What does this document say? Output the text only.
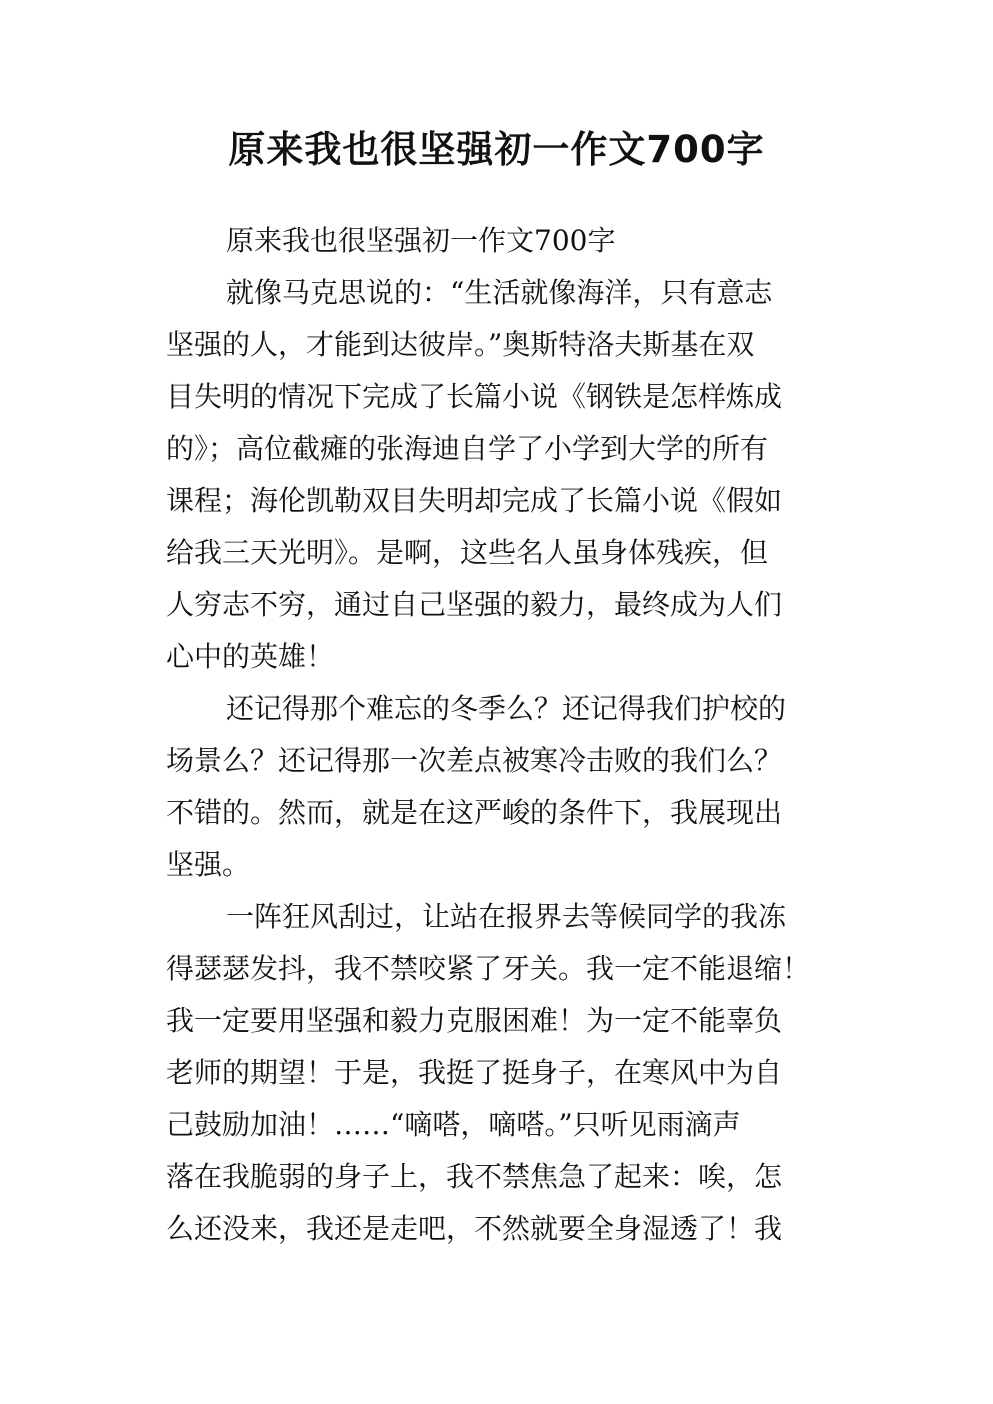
原来我也很坚强初一作文700字
原来我也很坚强初一作文700字
就像马克思说的：“生活就像海洋，只有意志
坚强的人，才能到达彼岸。”奥斯特洛夫斯基在双
目失明的情况下完成了长篇小说《钢铁是怎样炼成
的》；高位截瘫的张海迪自学了小学到大学的所有
课程；海伦凯勒双目失明却完成了长篇小说《假如
给我三天光明》。是啊，这些名人虽身体残疾，但
人穷志不穷，通过自己坚强的毅力，最终成为人们
心中的英雄！
还记得那个难忘的冬季么？还记得我们护校的
场景么？还记得那一次差点被寒冷击败的我们么？
不错的。然而，就是在这严峻的条件下，我展现出
坚强。
一阵狂风刮过，让站在报界去等候同学的我冻
得瑟瑟发抖，我不禁咬紧了牙关。我一定不能退缩！
我一定要用坚强和毅力克服困难！为一定不能辜负
老师的期望！于是，我挺了挺身子，在寒风中为自
己鼓励加油！……“嘀嗒，嘀嗒。”只听见雨滴声
落在我脆弱的身子上，我不禁焦急了起来：唉，怎
么还没来，我还是走吧，不然就要全身湿透了！我
